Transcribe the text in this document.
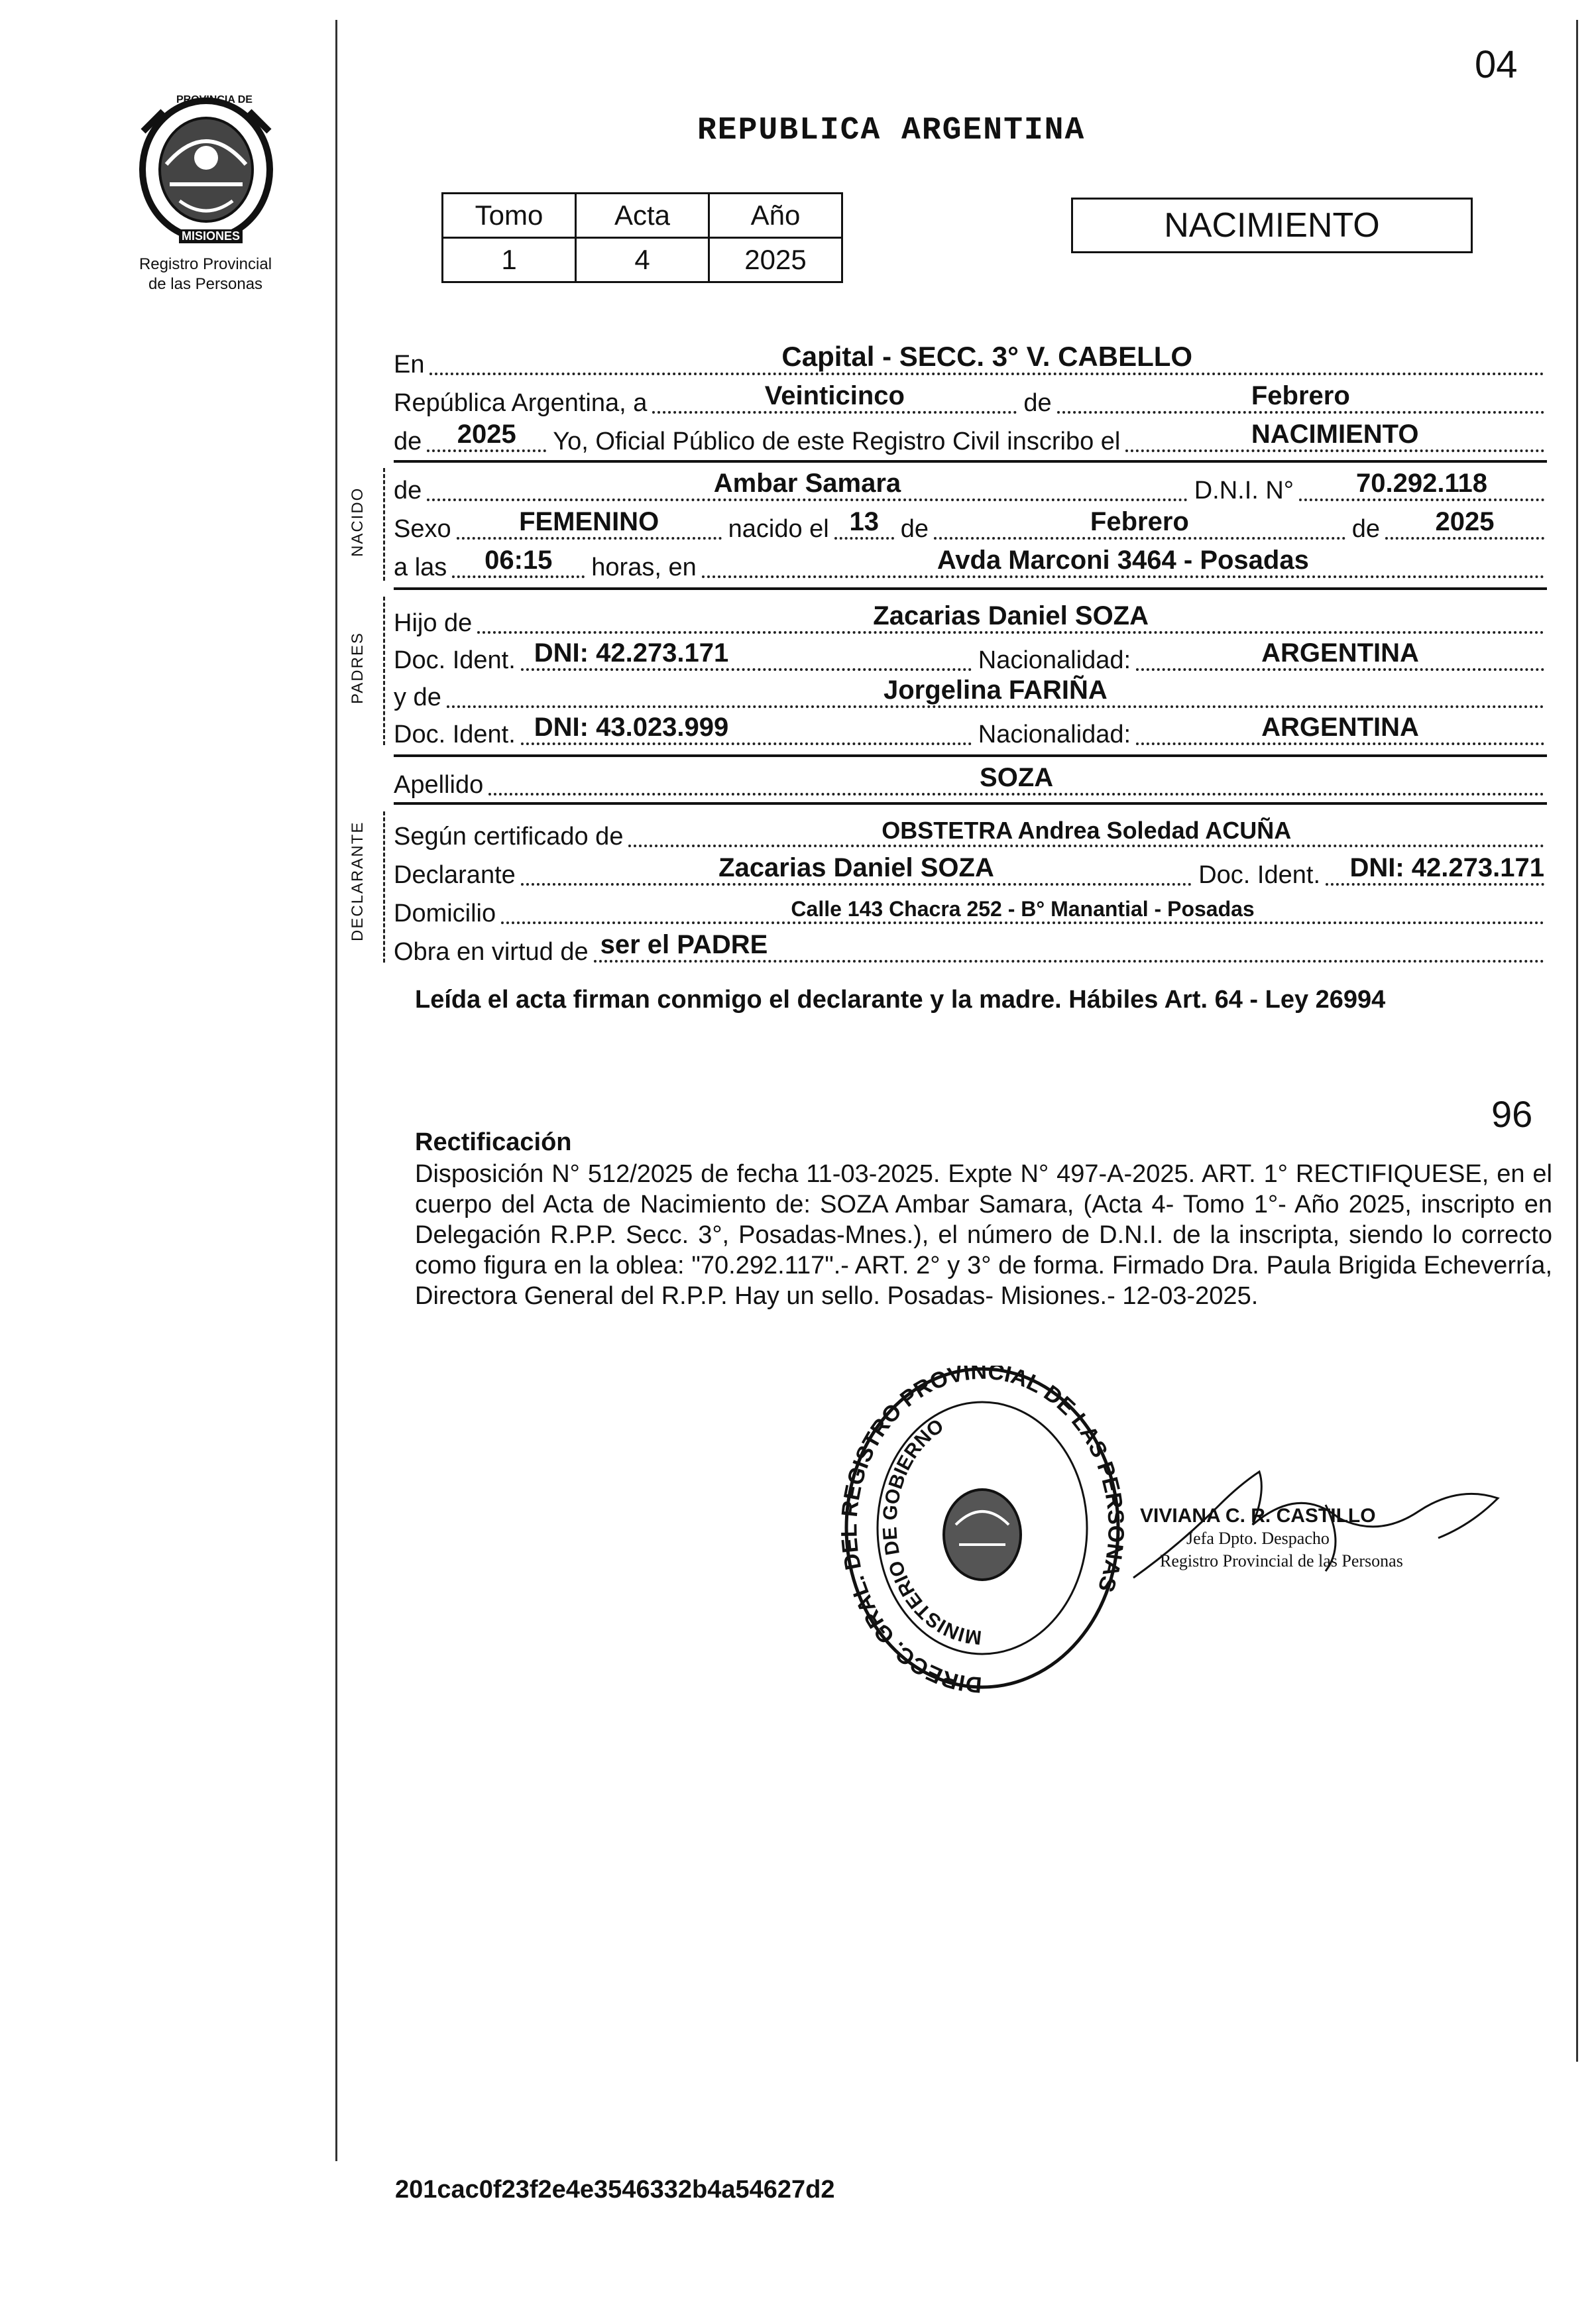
04
PROVINCIA DE
MISIONES
Registro Provincial
de las Personas
REPUBLICA ARGENTINA
Tomo	Acta	Año
1	4	2025
NACIMIENTO
En	Capital - SECC. 3° V. CABELLO
República Argentina, a	Veinticinco	de	Febrero
de 2025 Yo, Oficial Público de este Registro Civil inscribo el	NACIMIENTO
NACIDO de	Ambar Samara	D.N.I. N° 70.292.118
Sexo	FEMENINO	nacido el 13 de	Febrero	de 2025
a las 06:15 horas, en	Avda Marconi 3464 - Posadas
PADRES
Hijo de	Zacarias Daniel SOZA
Doc. Ident. DNI: 42.273.171	Nacionalidad:	ARGENTINA
y de	Jorgelina FARIÑA
Doc. Ident. DNI: 43.023.999	Nacionalidad:	ARGENTINA
Apellido	SOZA
DECLARANTE Según certificado de	OBSTETRA Andrea Soledad ACUÑA
Declarante	Zacarias Daniel SOZA	Doc. Ident. DNI: 42.273.171
Domicilio	Calle 143 Chacra 252 - B° Manantial - Posadas
Obra en virtud de ser el PADRE
Leída el acta firman conmigo el declarante y la madre. Hábiles Art. 64 - Ley 26994
96
Rectificación
Disposición N° 512/2025 de fecha 11-03-2025. Expte N° 497-A-2025. ART. 1° RECTIFIQUESE, en el cuerpo del Acta de Nacimiento de: SOZA Ambar Samara, (Acta 4- Tomo 1°- Año 2025, inscripto en Delegación R.P.P. Secc. 3°, Posadas-Mnes.), el número de D.N.I. de la inscripta, siendo lo correcto como figura en la oblea: "70.292.117".- ART. 2° y 3° de forma. Firmado Dra. Paula Brigida Echeverría, Directora General del R.P.P. Hay un sello. Posadas- Misiones.- 12-03-2025.
DIRECC. GRAL. DEL REGISTRO PROVINCIAL DE LAS PERSONAS
MINISTERIO DE GOBIERNO
VIVIANA C. R. CASTILLO
Jefa Dpto. Despacho
Registro Provincial de las Personas
201cac0f23f2e4e3546332b4a54627d2
